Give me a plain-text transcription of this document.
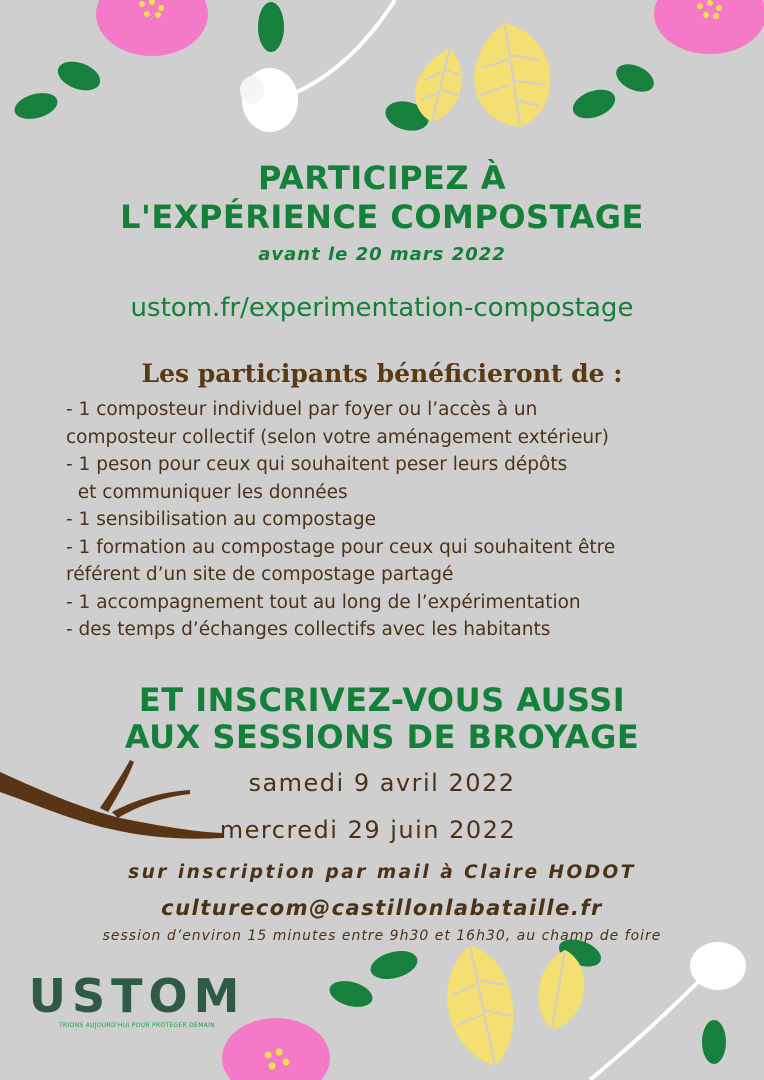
PARTICIPEZ À
L'EXPÉRIENCE COMPOSTAGE
avant le 20 mars 2022
ustom.fr/experimentation-compostage
Les participants bénéficieront de :
- 1 composteur individuel par foyer ou l’accès à un
composteur collectif (selon votre aménagement extérieur)
- 1 peson pour ceux qui souhaitent peser leurs dépôts
et communiquer les données
- 1 sensibilisation au compostage
- 1 formation au compostage pour ceux qui souhaitent être
référent d’un site de compostage partagé
- 1 accompagnement tout au long de l’expérimentation
- des temps d’échanges collectifs avec les habitants
ET INSCRIVEZ-VOUS AUSSI
AUX SESSIONS DE BROYAGE
samedi 9 avril 2022
mercredi 29 juin 2022
sur inscription par mail à Claire HODOT
culturecom@castillonlabataille.fr
session d’environ 15 minutes entre 9h30 et 16h30, au champ de foire
USTOM
TRIONS AUJOURD'HUI POUR PROTÉGER DEMAIN
